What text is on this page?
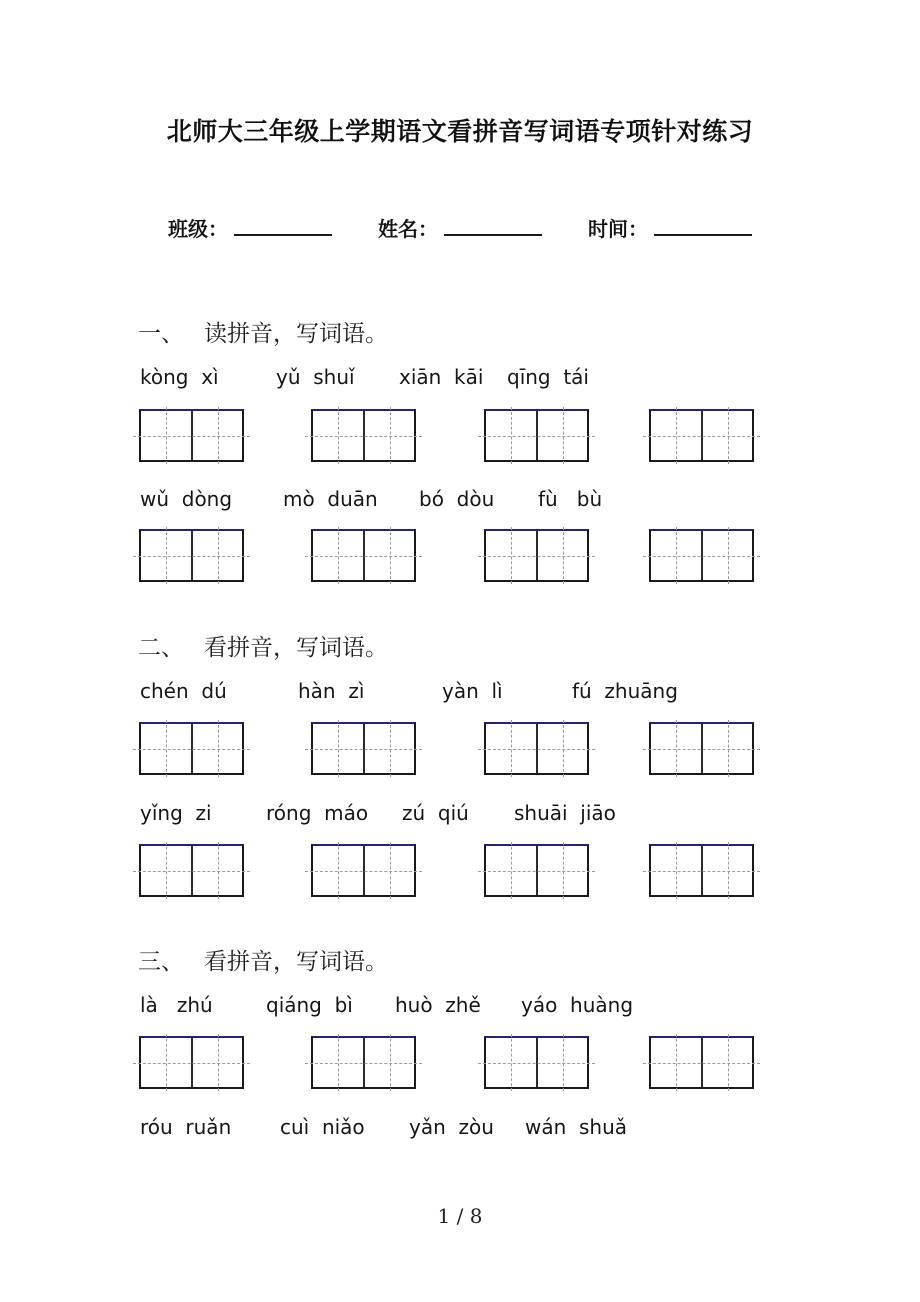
北师大三年级上学期语文看拼音写词语专项针对练习
班级：	姓名：	时间：
一、 读拼音，写词语。
kòng  xì	yǔ  shuǐ xiān  kāi qīng  tái
wǔ  dòng	mò  duān bó  dòu fù   bù
二、 看拼音，写词语。
chén  dú	hàn  zì	yàn  lì	fú  zhuāng
yǐng  zi	róng  máo zú  qiú shuāi  jiāo
三、 看拼音，写词语。
là   zhú	qiáng  bì huò  zhě yáo  huàng
róu  ruǎn cuì  niǎo yǎn  zòu wán  shuǎ
1 / 8
